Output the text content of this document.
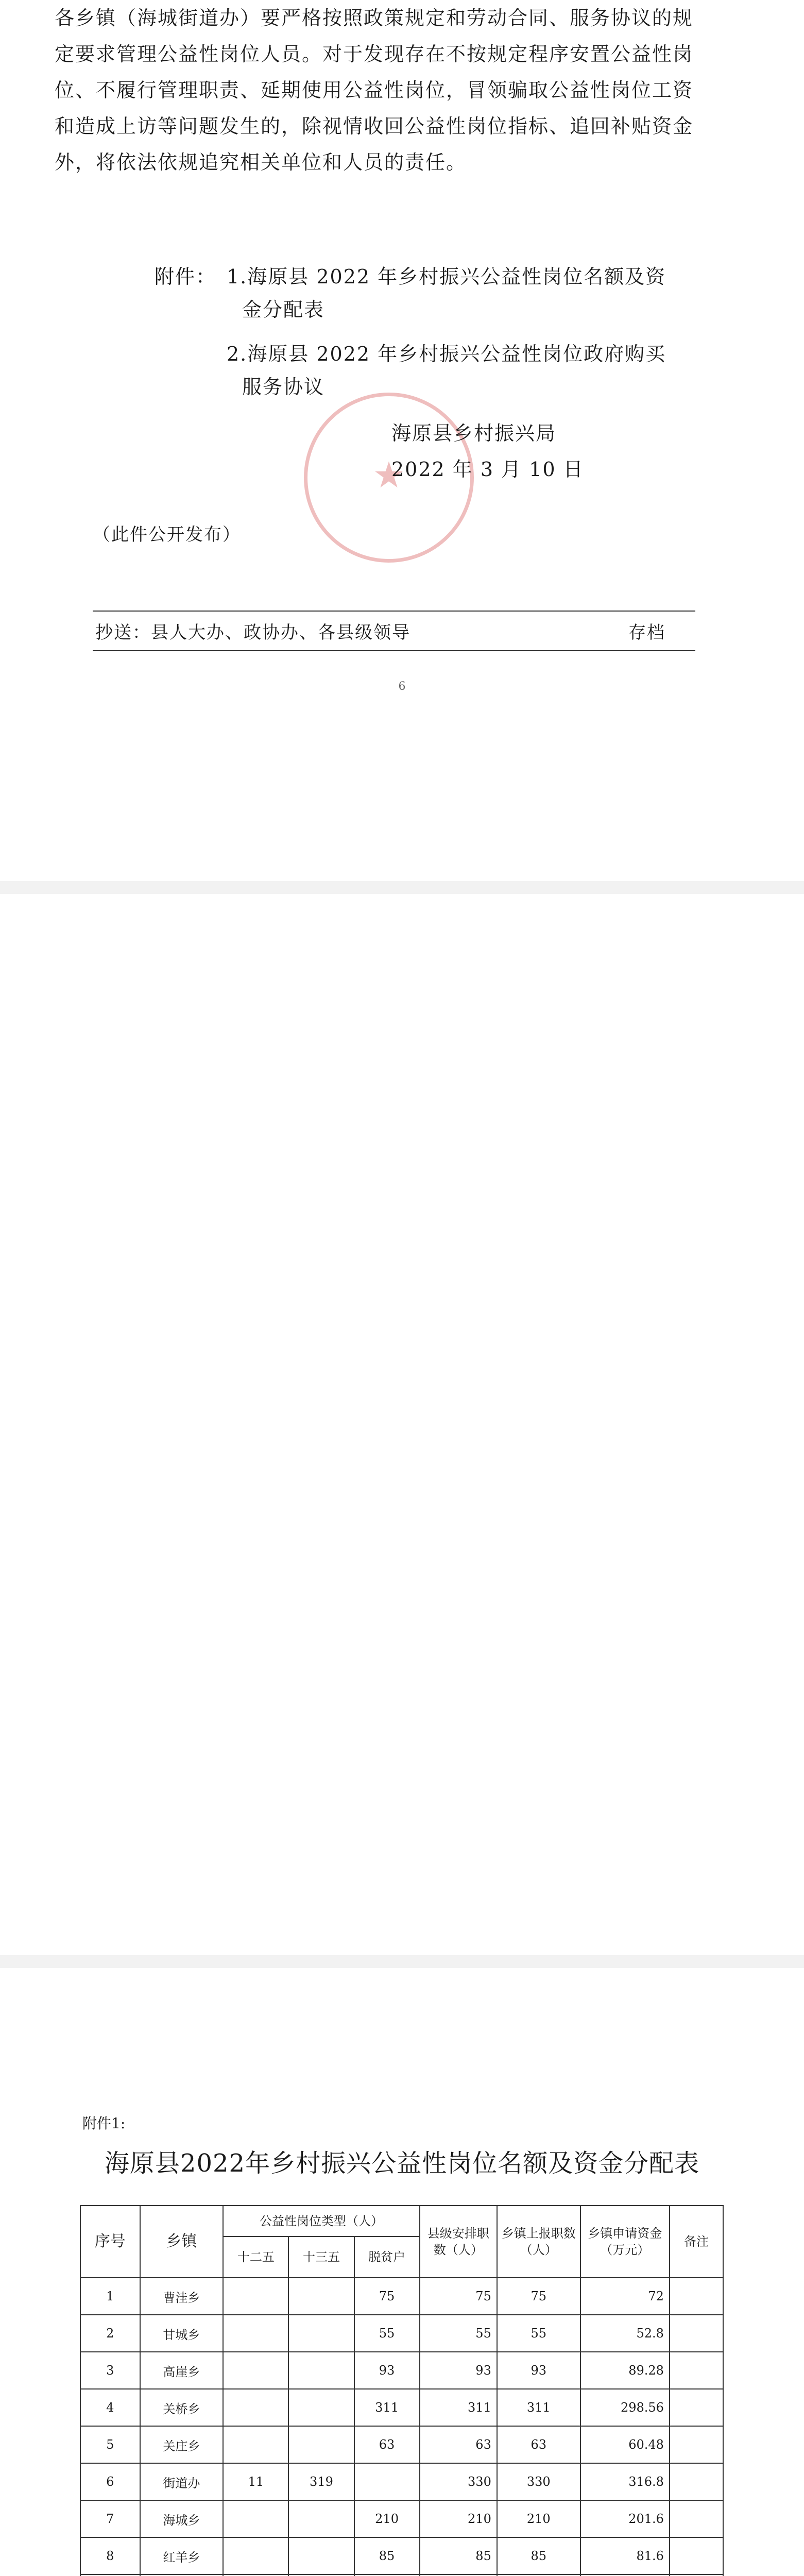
各乡镇（海城街道办）要严格按照政策规定和劳动合同、服务协议的规定要求管理公益性岗位人员。对于发现存在不按规定程序安置公益性岗位、不履行管理职责、延期使用公益性岗位，冒领骗取公益性岗位工资和造成上访等问题发生的，除视情收回公益性岗位指标、追回补贴资金外，将依法依规追究相关单位和人员的责任。

附件： 1.海原县 2022 年乡村振兴公益性岗位名额及资
金分配表
2.海原县 2022 年乡村振兴公益性岗位政府购买
服务协议
★
海原县乡村振兴局
2022 年 3 月 10 日
（此件公开发布）
抄送：县人大办、政协办、各县级领导	存档
6
附件1:
海原县2022年乡村振兴公益性岗位名额及资金分配表
序号	乡镇	公益性岗位类型（人）			县级安排职数（人）	乡镇上报职数（人）	乡镇申请资金（万元）	备注
		十二五	十三五	脱贫户				
1	曹洼乡			75	75	75	72	
2	甘城乡			55	55	55	52.8	
3	高崖乡			93	93	93	89.28	
4	关桥乡			311	311	311	298.56	
5	关庄乡			63	63	63	60.48	
6	街道办	11	319		330	330	316.8	
7	海城乡			210	210	210	201.6	
8	红羊乡			85	85	85	81.6	
